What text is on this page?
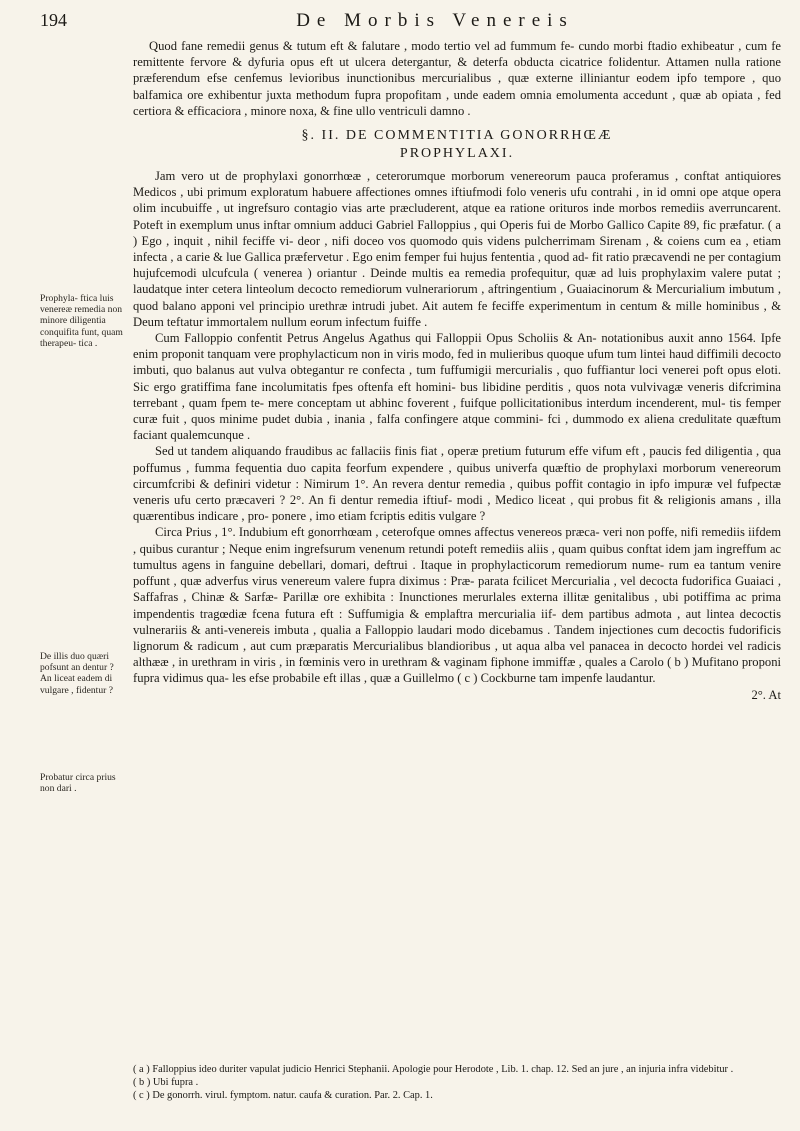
194	De Morbis Venereis
Prophyla- ftica luis venereæ remedia non minore diligentia conquifita funt, quam therapeu- tica .
De illis duo quæri pofsunt an dentur ? An liceat eadem di vulgare , fidentur ?
Probatur circa prius non dari .

Quod fane remedii genus & tutum eft & falutare , modo tertio vel ad fummum fe- cundo morbi ftadio exhibeatur , cum fe remittente fervore & dyfuria opus eft ut ulcera detergantur, & deterfa obducta cicatrice folidentur. Attamen nulla ratione præferendum efse cenfemus levioribus inunctionibus mercurialibus , quæ externe illiniantur eodem ipfo tempore , quo balfamica ore exhibentur juxta methodum fupra propofitam , unde eadem omnia emolumenta accedunt , quæ ab opiata , fed certiora & efficaciora , minore noxa, & fine ullo ventriculi damno .

§. II. DE COMMENTITIA GONORRHŒÆ
PROPHYLAXI.

Jam vero ut de prophylaxi gonorrhœæ , ceterorumque morborum venereorum pauca proferamus , conftat antiquiores Medicos , ubi primum exploratum habuere affectiones omnes iftiufmodi folo veneris ufu contrahi , in id omni ope atque opera olim incubuiffe , ut ingrefsuro contagio vias arte præcluderent, atque ea ratione orituros inde morbos remediis averruncarent. Poteft in exemplum unus inftar omnium adduci Gabriel Falloppius , qui Operis fui de Morbo Gallico Capite 89, fic præfatur. ( a ) Ego , inquit , nihil feciffe vi- deor , nifi doceo vos quomodo quis videns pulcherrimam Sirenam , & coiens cum ea , etiam infecta , a carie & lue Gallica præfervetur . Ego enim femper fui hujus fententia , quod ad- fit ratio præcavendi ne per contagium hujufcemodi ulcufcula ( venerea ) oriantur . Deinde multis ea remedia profequitur, quæ ad luis prophylaxim valere putat ; laudatque inter cetera linteolum decocto remediorum vulnerariorum , aftringentium , Guaiacinorum & Mercurialium imbutum , quod balano apponi vel principio urethræ intrudi jubet. Ait autem fe feciffe experimentum in centum & mille hominibus , & Deum teftatur immortalem nullum eorum infectum fuiffe .

Cum Falloppio confentit Petrus Angelus Agathus qui Falloppii Opus Scholiis & An- notationibus auxit anno 1564. Ipfe enim proponit tanquam vere prophylacticum non in viris modo, fed in mulieribus quoque ufum tum lintei haud diffimili decocto imbuti, quo balanus aut vulva obtegantur re confecta , tum fuffumigii mercurialis , quo fuffiantur loci venerei poft opus eloti. Sic ergo gratiffima fane incolumitatis fpes oftenfa eft homini- bus libidine perditis , quos nota vulvivagæ veneris difcrimina terrebant , quam fpem te- mere conceptam ut abhinc foverent , fuifque pollicitationibus interdum incenderent, mul- tis femper curæ fuit , quos minime pudet dubia , inania , falfa confingere atque commini- fci , dummodo ex aliena credulitate quæftum faciant qualemcunque .

Sed ut tandem aliquando fraudibus ac fallaciis finis fiat , operæ pretium futurum effe vifum eft , paucis fed diligentia , qua poffumus , fumma fequentia duo capita feorfum expendere , quibus univerfa quæftio de prophylaxi morborum venereorum circumfcribi & definiri videtur : Nimirum 1°. An revera dentur remedia , quibus poffit contagio in ipfo impuræ vel fufpectæ veneris ufu certo præcaveri ? 2°. An fi dentur remedia iftiuf- modi , Medico liceat , qui probus fit & religionis amans , illa quærentibus indicare , pro- ponere , imo etiam fcriptis editis vulgare ?

Circa Prius , 1°. Indubium eft gonorrhœam , ceterofque omnes affectus venereos præca- veri non poffe, nifi remediis iifdem , quibus curantur ; Neque enim ingrefsurum venenum retundi poteft remediis aliis , quam quibus conftat idem jam ingreffum ac tumultus agens in fanguine debellari, domari, deftrui . Itaque in prophylacticorum remediorum nume- rum ea tantum venire poffunt , quæ adverfus virus venereum valere fupra diximus : Præ- parata fcilicet Mercurialia , vel decocta fudorifica Guaiaci , Saffafras , Chinæ & Sarfæ- Parillæ ore exhibita : Inunctiones merurlales externa illitæ genitalibus , ubi potiffima ac prima impendentis tragœdiæ fcena futura eft : Suffumigia & emplaftra mercurialia iif- dem partibus admota , aut lintea decoctis vulnerariis & anti-venereis imbuta , qualia a Falloppio laudari modo dicebamus . Tandem injectiones cum decoctis fudorificis lignorum & radicum , aut cum præparatis Mercurialibus blandioribus , ut aqua alba vel panacea in decocto hordei vel radicis althææ , in urethram in viris , in fœminis vero in urethram & vaginam fiphone immiffæ , quales a Carolo ( b ) Mufitano proponi fupra vidimus qua- les efse probabile eft illas , quæ a Guillelmo ( c ) Cockburne tam impenfe laudantur.

2°. At

( a ) Falloppius ideo duriter vapulat judicio Henrici Stephanii. Apologie pour Herodote , Lib. 1. chap. 12. Sed an jure , an injuria infra videbitur .

( b ) Ubi fupra .

( c ) De gonorrh. virul. fymptom. natur. caufa & curation. Par. 2. Cap. 1.
